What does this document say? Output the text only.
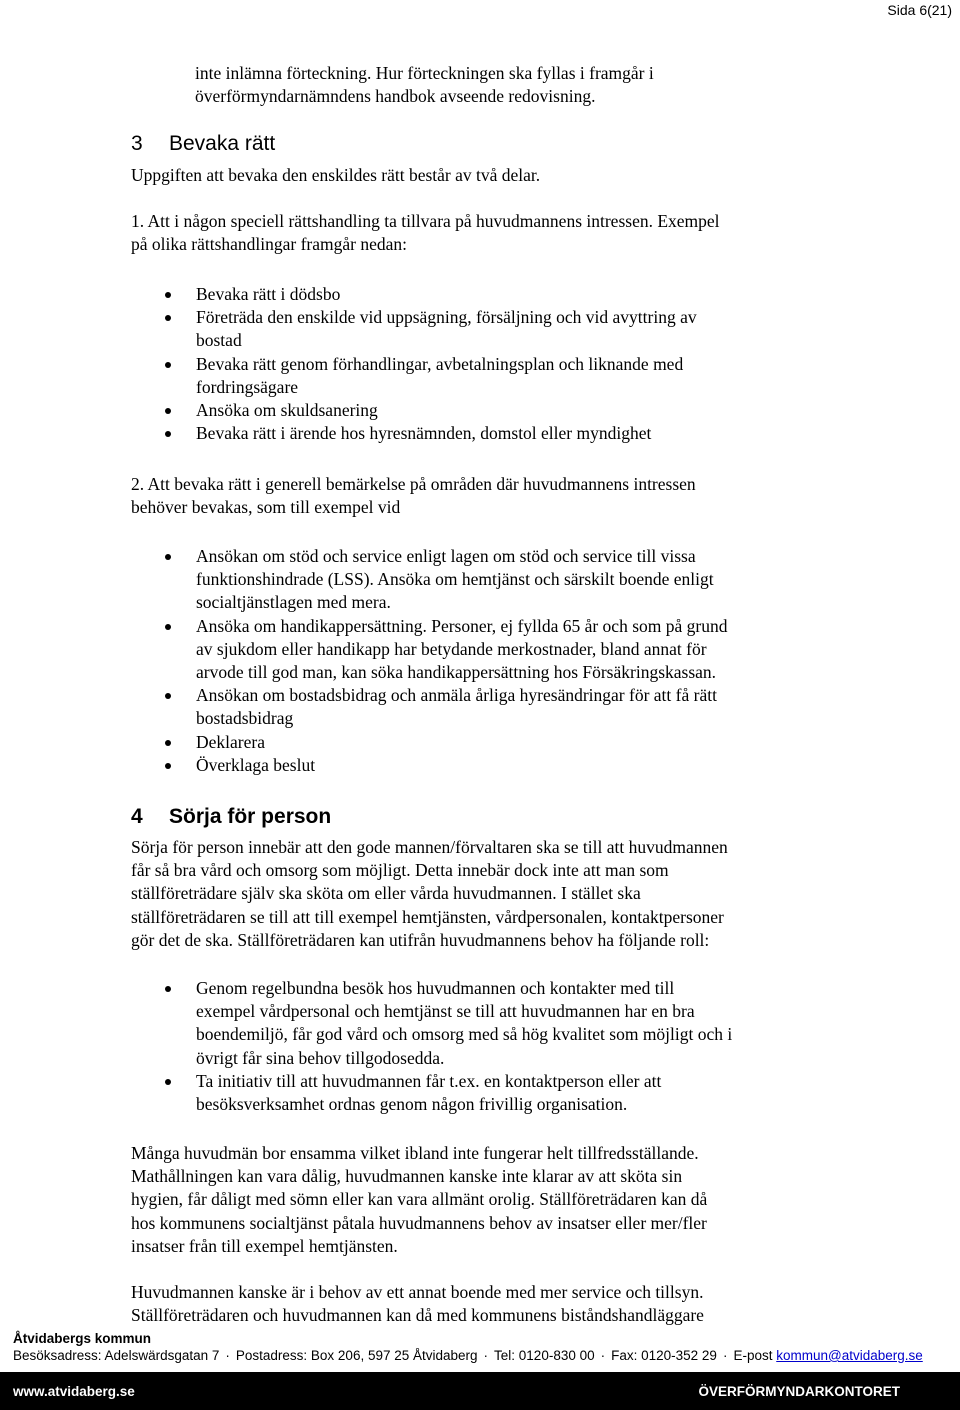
Sida 6(21)
inte inlämna förteckning. Hur förteckningen ska fyllas i framgår i
överförmyndarnämndens handbok avseende redovisning.
3 Bevaka rätt
Uppgiften att bevaka den enskildes rätt består av två delar.
1. Att i någon speciell rättshandling ta tillvara på huvudmannens intressen. Exempel
på olika rättshandlingar framgår nedan:
Bevaka rätt i dödsbo
Företräda den enskilde vid uppsägning, försäljning och vid avyttring av
bostad
Bevaka rätt genom förhandlingar, avbetalningsplan och liknande med
fordringsägare
Ansöka om skuldsanering
Bevaka rätt i ärende hos hyresnämnden, domstol eller myndighet
2. Att bevaka rätt i generell bemärkelse på områden där huvudmannens intressen
behöver bevakas, som till exempel vid
Ansökan om stöd och service enligt lagen om stöd och service till vissa
funktionshindrade (LSS). Ansöka om hemtjänst och särskilt boende enligt
socialtjänstlagen med mera.
Ansöka om handikappersättning. Personer, ej fyllda 65 år och som på grund
av sjukdom eller handikapp har betydande merkostnader, bland annat för
arvode till god man, kan söka handikappersättning hos Försäkringskassan.
Ansökan om bostadsbidrag och anmäla årliga hyresändringar för att få rätt
bostadsbidrag
Deklarera
Överklaga beslut
4 Sörja för person
Sörja för person innebär att den gode mannen/förvaltaren ska se till att huvudmannen
får så bra vård och omsorg som möjligt. Detta innebär dock inte att man som
ställföreträdare själv ska sköta om eller vårda huvudmannen. I stället ska
ställföreträdaren se till att till exempel hemtjänsten, vårdpersonalen, kontaktpersoner
gör det de ska. Ställföreträdaren kan utifrån huvudmannens behov ha följande roll:
Genom regelbundna besök hos huvudmannen och kontakter med till
exempel vårdpersonal och hemtjänst se till att huvudmannen har en bra
boendemiljö, får god vård och omsorg med så hög kvalitet som möjligt och i
övrigt får sina behov tillgodosedda.
Ta initiativ till att huvudmannen får t.ex. en kontaktperson eller att
besöksverksamhet ordnas genom någon frivillig organisation.
Många huvudmän bor ensamma vilket ibland inte fungerar helt tillfredsställande.
Mathållningen kan vara dålig, huvudmannen kanske inte klarar av att sköta sin
hygien, får dåligt med sömn eller kan vara allmänt orolig. Ställföreträdaren kan då
hos kommunens socialtjänst påtala huvudmannens behov av insatser eller mer/fler
insatser från till exempel hemtjänsten.
Huvudmannen kanske är i behov av ett annat boende med mer service och tillsyn.
Ställföreträdaren och huvudmannen kan då med kommunens biståndshandläggare
Åtvidabergs kommun
Besöksadress: Adelswärdsgatan 7 · Postadress: Box 206, 597 25 Åtvidaberg · Tel: 0120-830 00 · Fax: 0120-352 29 · E-post kommun@atvidaberg.se
www.atvidaberg.se	ÖVERFÖRMYNDARKONTORET
